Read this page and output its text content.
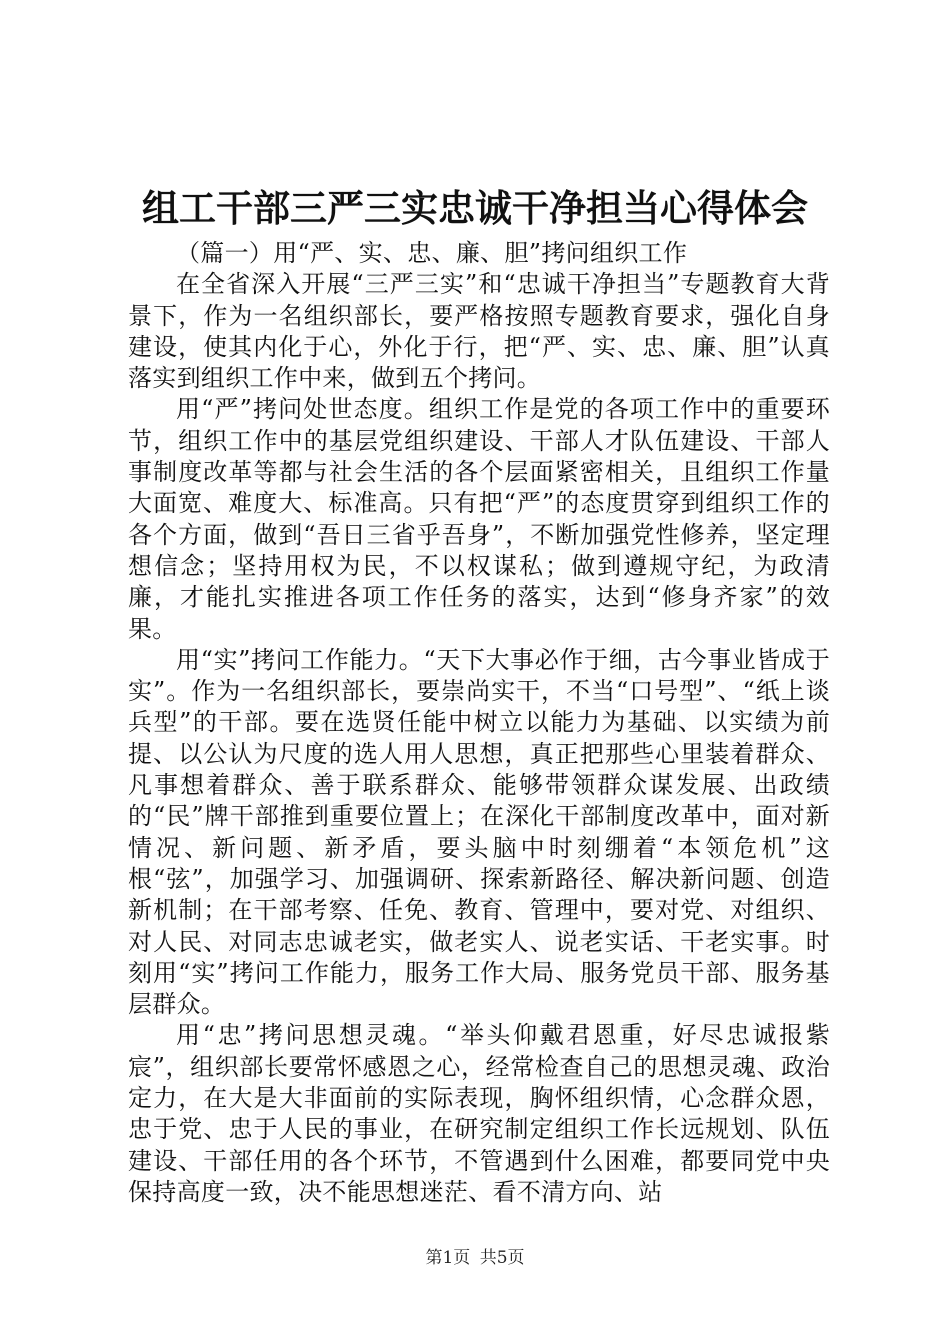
组工干部三严三实忠诚干净担当心得体会

（篇一）用“严、实、忠、廉、胆”拷问组织工作

在全省深入开展“三严三实”和“忠诚干净担当”专题教育大背景下，作为一名组织部长，要严格按照专题教育要求，强化自身建设，使其内化于心，外化于行，把“严、实、忠、廉、胆”认真落实到组织工作中来，做到五个拷问。

用“严”拷问处世态度。组织工作是党的各项工作中的重要环节，组织工作中的基层党组织建设、干部人才队伍建设、干部人事制度改革等都与社会生活的各个层面紧密相关，且组织工作量大面宽、难度大、标准高。只有把“严”的态度贯穿到组织工作的各个方面，做到“吾日三省乎吾身”，不断加强党性修养，坚定理想信念；坚持用权为民，不以权谋私；做到遵规守纪，为政清廉，才能扎实推进各项工作任务的落实，达到“修身齐家”的效果。

用“实”拷问工作能力。“天下大事必作于细，古今事业皆成于实”。作为一名组织部长，要崇尚实干，不当“口号型”、“纸上谈兵型”的干部。要在选贤任能中树立以能力为基础、以实绩为前提、以公认为尺度的选人用人思想，真正把那些心里装着群众、凡事想着群众、善于联系群众、能够带领群众谋发展、出政绩的“民”牌干部推到重要位置上；在深化干部制度改革中，面对新情况、新问题、新矛盾，要头脑中时刻绷着“本领危机”这根“弦”，加强学习、加强调研、探索新路径、解决新问题、创造新机制；在干部考察、任免、教育、管理中，要对党、对组织、对人民、对同志忠诚老实，做老实人、说老实话、干老实事。时刻用“实”拷问工作能力，服务工作大局、服务党员干部、服务基层群众。

用“忠”拷问思想灵魂。“举头仰戴君恩重，好尽忠诚报紫宸”，组织部长要常怀感恩之心，经常检查自己的思想灵魂、政治定力，在大是大非面前的实际表现，胸怀组织情，心念群众恩，忠于党、忠于人民的事业，在研究制定组织工作长远规划、队伍建设、干部任用的各个环节，不管遇到什么困难，都要同党中央保持高度一致，决不能思想迷茫、看不清方向、站

第1页 共5页
